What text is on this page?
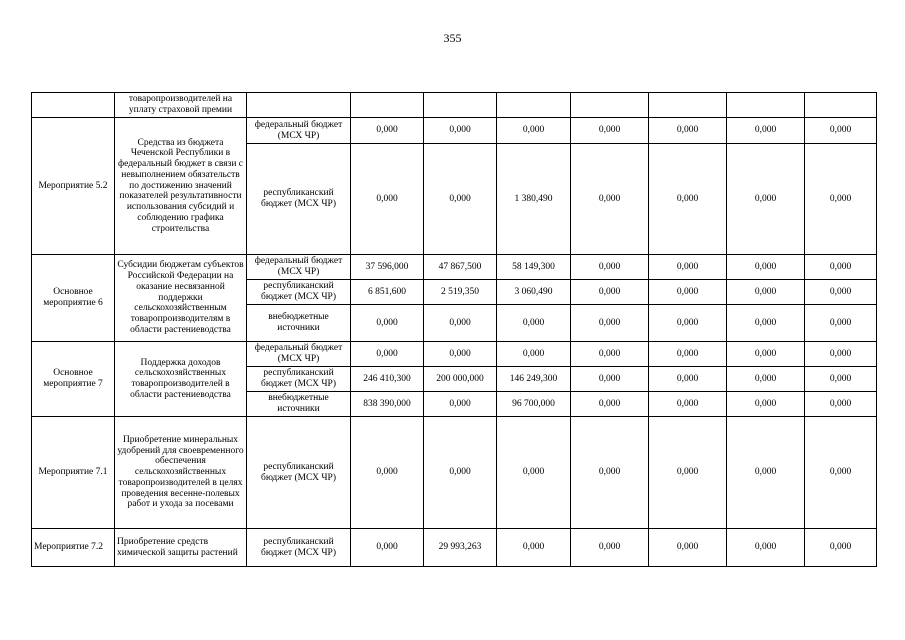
355
	товаропроизводителей на уплату страховой премии								
Мероприятие 5.2	Средства из бюджета Чеченской Республики в федеральный бюджет в связи с невыполнением обязательств по достижению значений показателей результативности использования субсидий и соблюдению графика строительства	федеральный бюджет (МСХ ЧР)	0,000	0,000	0,000	0,000	0,000	0,000	0,000
		республиканский бюджет (МСХ ЧР)	0,000	0,000	1 380,490	0,000	0,000	0,000	0,000
Основное мероприятие 6	Субсидии бюджетам субъектов Российской Федерации на оказание несвязанной поддержки сельскохозяйственным товаропроизводителям в области растениеводства	федеральный бюджет (МСХ ЧР)	37 596,000	47 867,500	58 149,300	0,000	0,000	0,000	0,000
		республиканский бюджет (МСХ ЧР)	6 851,600	2 519,350	3 060,490	0,000	0,000	0,000	0,000
		внебюджетные источники	0,000	0,000	0,000	0,000	0,000	0,000	0,000
Основное мероприятие 7	Поддержка доходов сельскохозяйственных товаропроизводителей в области растениеводства	федеральный бюджет (МСХ ЧР)	0,000	0,000	0,000	0,000	0,000	0,000	0,000
		республиканский бюджет (МСХ ЧР)	246 410,300	200 000,000	146 249,300	0,000	0,000	0,000	0,000
		внебюджетные источники	838 390,000	0,000	96 700,000	0,000	0,000	0,000	0,000
Мероприятие 7.1	Приобретение минеральных удобрений для своевременного обеспечения сельскохозяйственных товаропроизводителей в целях проведения весенне-полевых работ и ухода за посевами	республиканский бюджет (МСХ ЧР)	0,000	0,000	0,000	0,000	0,000	0,000	0,000
Мероприятие 7.2	Приобретение средств химической защиты растений	республиканский бюджет (МСХ ЧР)	0,000	29 993,263	0,000	0,000	0,000	0,000	0,000
